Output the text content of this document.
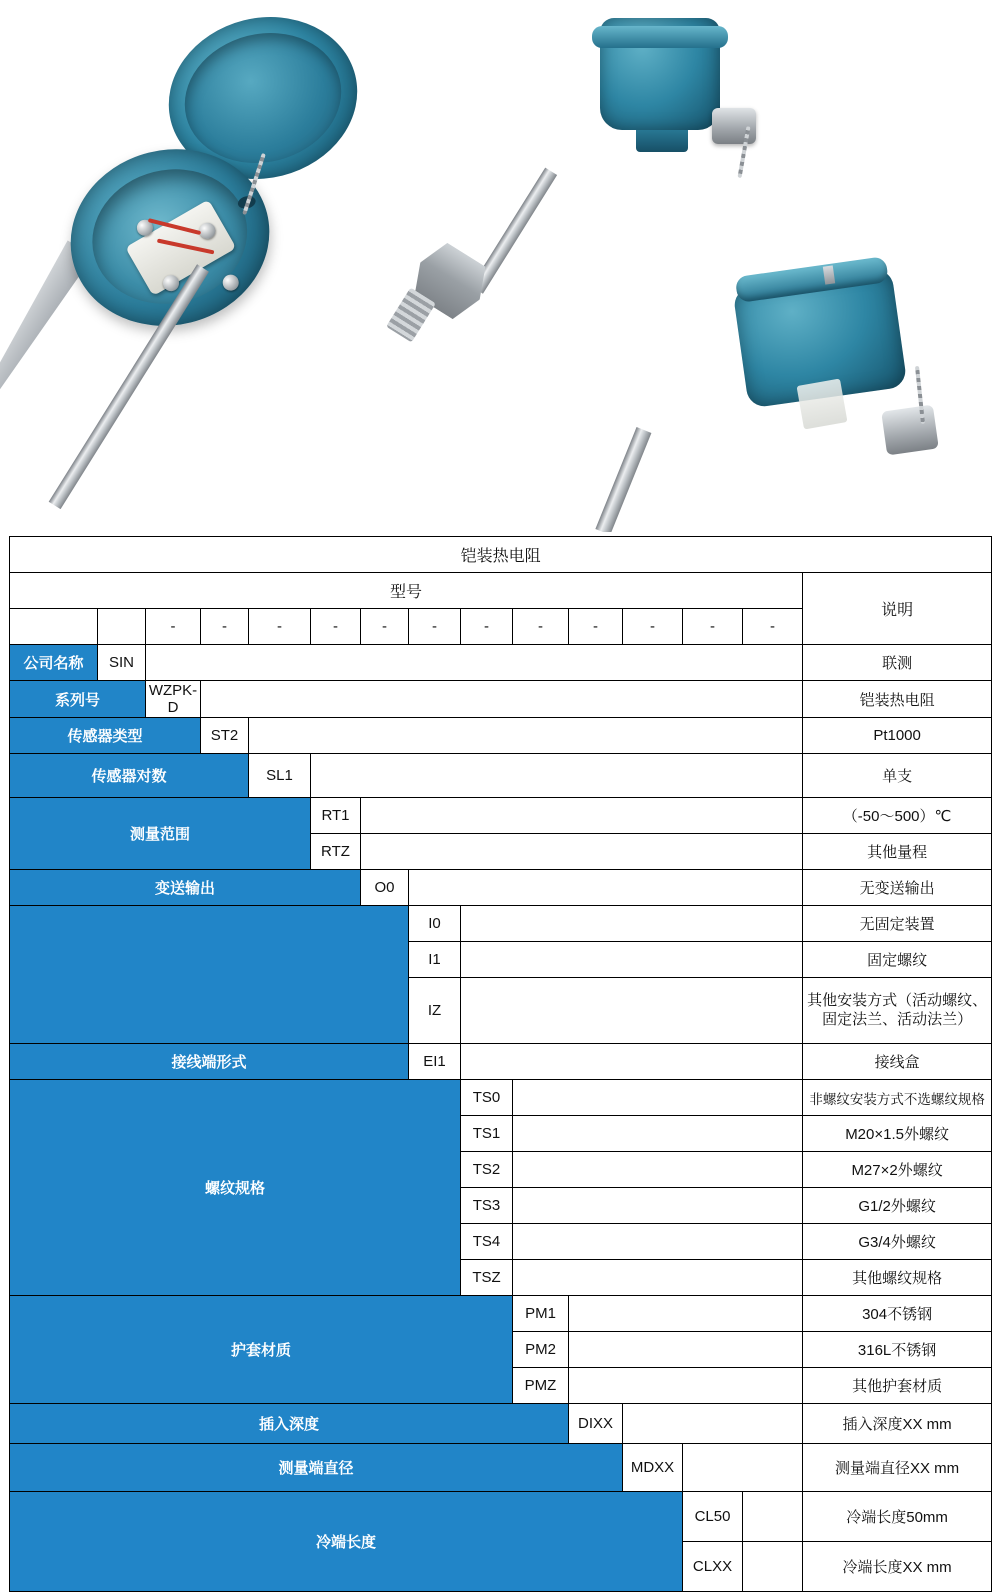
铠装热电阻														
型号														说明
		-	-	-	-	-	-	-	-	-	-	-	-	
公司名称	SIN													联测
系列号		WZPK-D												铠装热电阻
传感器类型			ST2											Pt1000
传感器对数				SL1										单支
测量范围					RT1									（-50～500）℃
					RTZ									其他量程
变送输出						O0								无变送输出
							I0							无固定装置
							I1							固定螺纹
							IZ							其他安装方式（活动螺纹、固定法兰、活动法兰）
接线端形式							EI1							接线盒
螺纹规格								TS0						非螺纹安装方式不选螺纹规格
								TS1						M20×1.5外螺纹
								TS2						M27×2外螺纹
								TS3						G1/2外螺纹
								TS4						G3/4外螺纹
								TSZ						其他螺纹规格
护套材质									PM1					304不锈钢
									PM2					316L不锈钢
									PMZ					其他护套材质
插入深度										DIXX				插入深度XX mm
测量端直径											MDXX			测量端直径XX mm
冷端长度												CL50		冷端长度50mm
												CLXX		冷端长度XX mm
